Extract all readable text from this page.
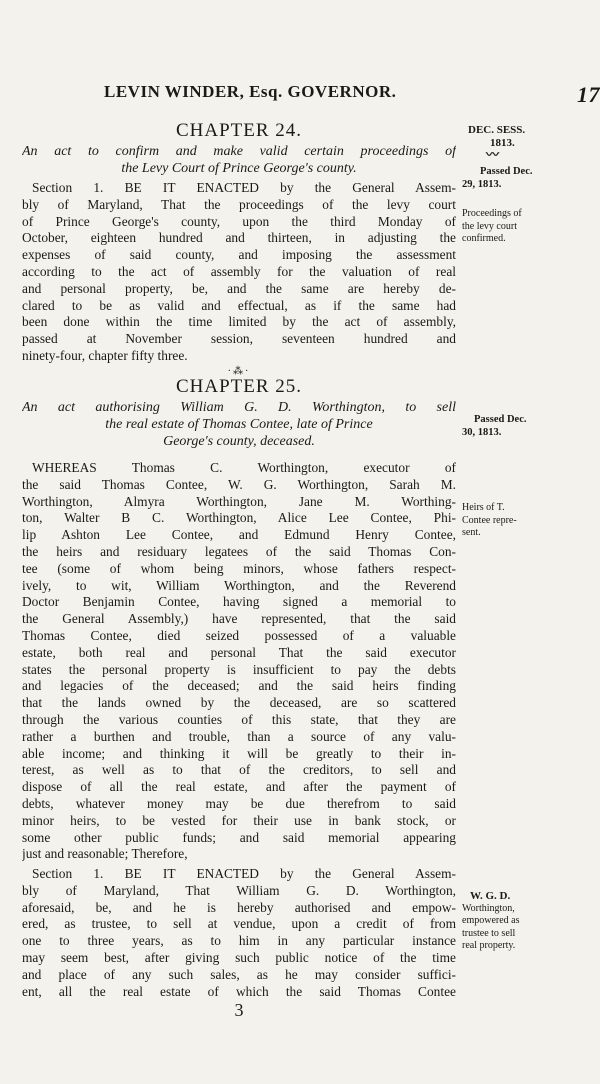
LEVIN WINDER, Esq. GOVERNOR.	17
DEC. SESS.
1813.
〰
CHAPTER 24.
An act to confirm and make valid certain proceedings of
the Levy Court of Prince George's county.
Section 1. BE IT ENACTED by the General Assem-
bly of Maryland, That the proceedings of the levy court
of Prince George's county, upon the third Monday of
October, eighteen hundred and thirteen, in adjusting the
expenses of said county, and imposing the assessment
according to the act of assembly for the valuation of real
and personal property, be, and the same are hereby de-
clared to be as valid and effectual, as if the same had
been done within the time limited by the act of assembly,
passed at November session, seventeen hundred and
ninety-four, chapter fifty three.
Passed Dec.
29, 1813.
Proceedings of
the levy court
confirmed.
·⁂·
CHAPTER 25.
An act authorising William G. D. Worthington, to sell
the real estate of Thomas Contee, late of Prince
George's county, deceased.
Passed Dec.
30, 1813.
WHEREAS Thomas C. Worthington, executor of
the said Thomas Contee, W. G. Worthington, Sarah M.
Worthington, Almyra Worthington, Jane M. Worthing-
ton, Walter B C. Worthington, Alice Lee Contee, Phi-
lip Ashton Lee Contee, and Edmund Henry Contee,
the heirs and residuary legatees of the said Thomas Con-
tee (some of whom being minors, whose fathers respect-
ively, to wit, William Worthington, and the Reverend
Doctor Benjamin Contee, having signed a memorial to
the General Assembly,) have represented, that the said
Thomas Contee, died seized possessed of a valuable
estate, both real and personal That the said executor
states the personal property is insufficient to pay the debts
and legacies of the deceased; and the said heirs finding
that the lands owned by the deceased, are so scattered
through the various counties of this state, that they are
rather a burthen and trouble, than a source of any valu-
able income; and thinking it will be greatly to their in-
terest, as well as to that of the creditors, to sell and
dispose of all the real estate, and after the payment of
debts, whatever money may be due therefrom to said
minor heirs, to be vested for their use in bank stock, or
some other public funds; and said memorial appearing
just and reasonable; Therefore,
Heirs of T.
Contee repre-
sent.
Section 1. BE IT ENACTED by the General Assem-
bly of Maryland, That William G. D. Worthington,
aforesaid, be, and he is hereby authorised and empow-
ered, as trustee, to sell at vendue, upon a credit of from
one to three years, as to him in any particular instance
may seem best, after giving such public notice of the time
and place of any such sales, as he may consider suffici-
ent, all the real estate of which the said Thomas Contee
W. G. D.
Worthington,
empowered as
trustee to sell
real property.
3
